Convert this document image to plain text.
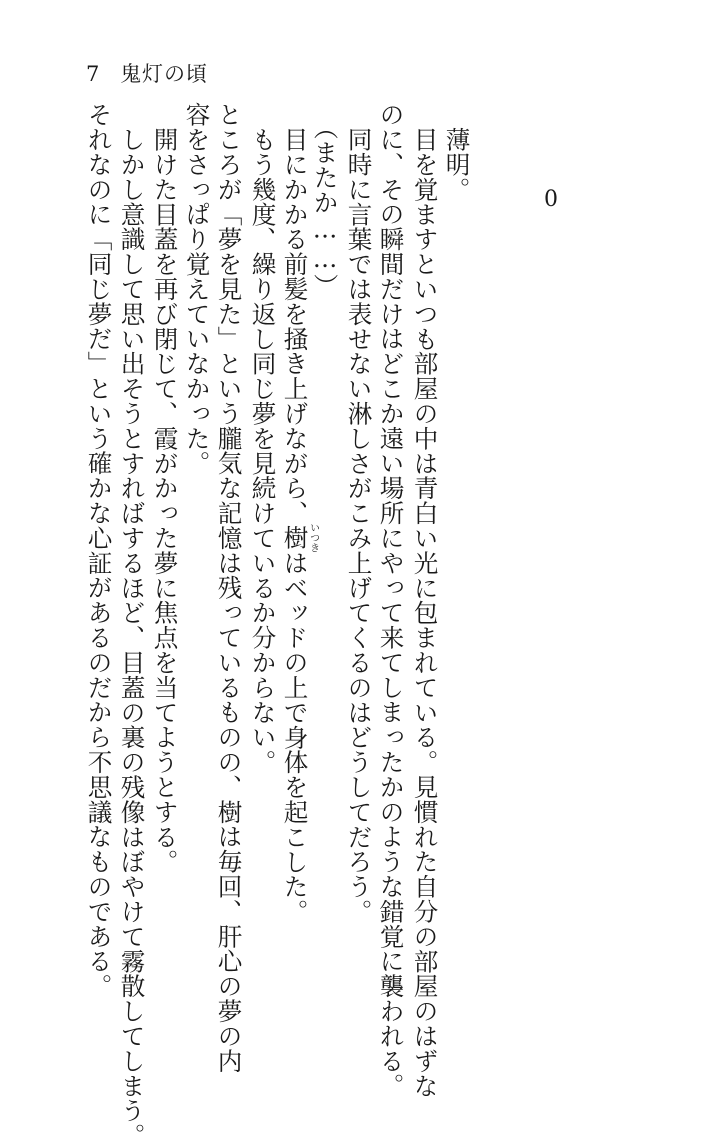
7 鬼灯の頃
0
薄明。
目を覚ますといつも部屋の中は青白い光に包まれている。見慣れた自分の部屋のはずな
のに、その瞬間だけはどこか遠い場所にやって来てしまったかのような錯覚に襲われる。
同時に言葉では表せない淋しさがこみ上げてくるのはどうしてだろう。
（またか……）
目にかかる前髪を掻き上げながら、樹いつきはベッドの上で身体を起こした。
もう幾度、繰り返し同じ夢を見続けているか分からない。
ところが「夢を見た」という朧気な記憶は残っているものの、樹は毎回、肝心の夢の内
容をさっぱり覚えていなかった。
開けた目蓋を再び閉じて、霞がかった夢に焦点を当てようとする。
しかし意識して思い出そうとすればするほど、目蓋の裏の残像はぼやけて霧散してしまう。
それなのに「同じ夢だ」という確かな心証があるのだから不思議なものである。
